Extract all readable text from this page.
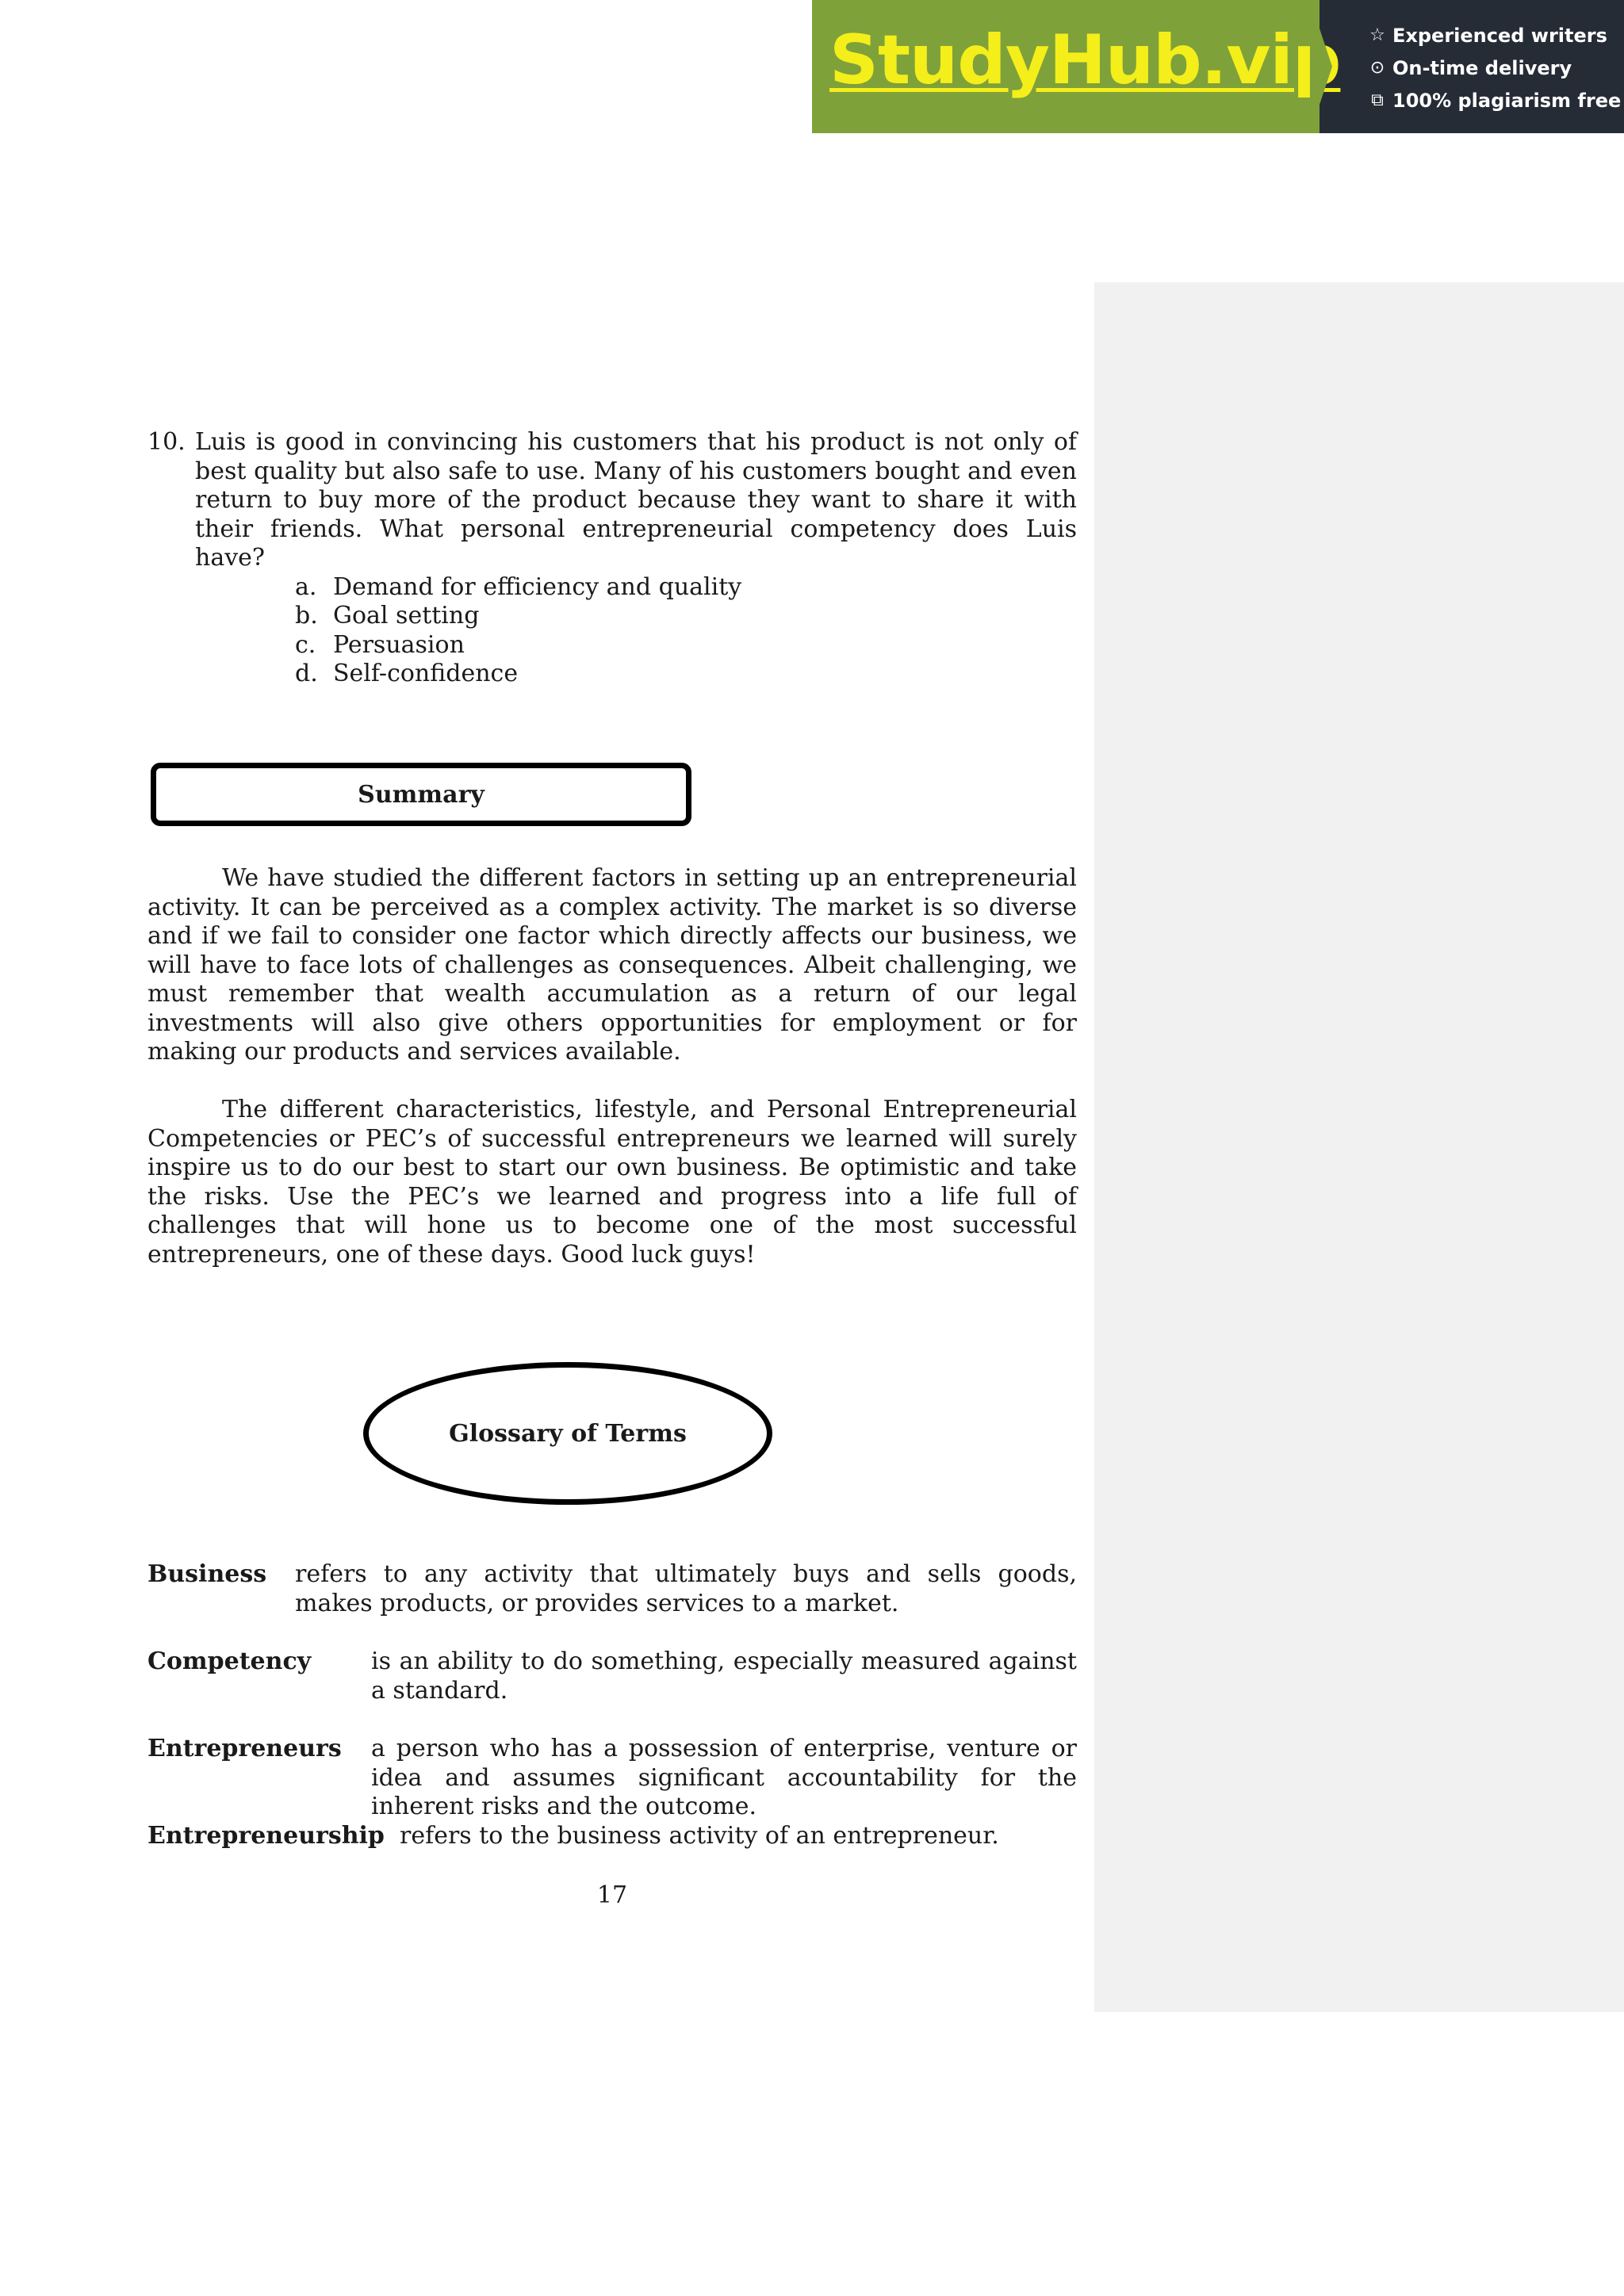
StudyHub.vip ☆ Experienced writers
⊙ On-time delivery
⧉ 100% plagiarism free
10. Luis is good in convincing his customers that his product is not only of best quality but also safe to use. Many of his customers bought and even return to buy more of the product because they want to share it with their friends. What personal entrepreneurial competency does Luis have?
a. Demand for efficiency and quality
b. Goal setting
c. Persuasion
d. Self-confidence
Summary
We have studied the different factors in setting up an entrepreneurial activity. It can be perceived as a complex activity. The market is so diverse and if we fail to consider one factor which directly affects our business, we will have to face lots of challenges as consequences. Albeit challenging, we must remember that wealth accumulation as a return of our legal investments will also give others opportunities for employment or for making our products and services available.
The different characteristics, lifestyle, and Personal Entrepreneurial Competencies or PEC’s of successful entrepreneurs we learned will surely inspire us to do our best to start our own business. Be optimistic and take the risks. Use the PEC’s we learned and progress into a life full of challenges that will hone us to become one of the most successful entrepreneurs, one of these days. Good luck guys!
Glossary of Terms
Business refers to any activity that ultimately buys and sells goods, makes products, or provides services to a market.
Competency	is an ability to do something, especially measured against a standard.
Entrepreneurs	a person who has a possession of enterprise, venture or idea and assumes significant accountability for the inherent risks and the outcome.
Entrepreneurship refers to the business activity of an entrepreneur.
17
